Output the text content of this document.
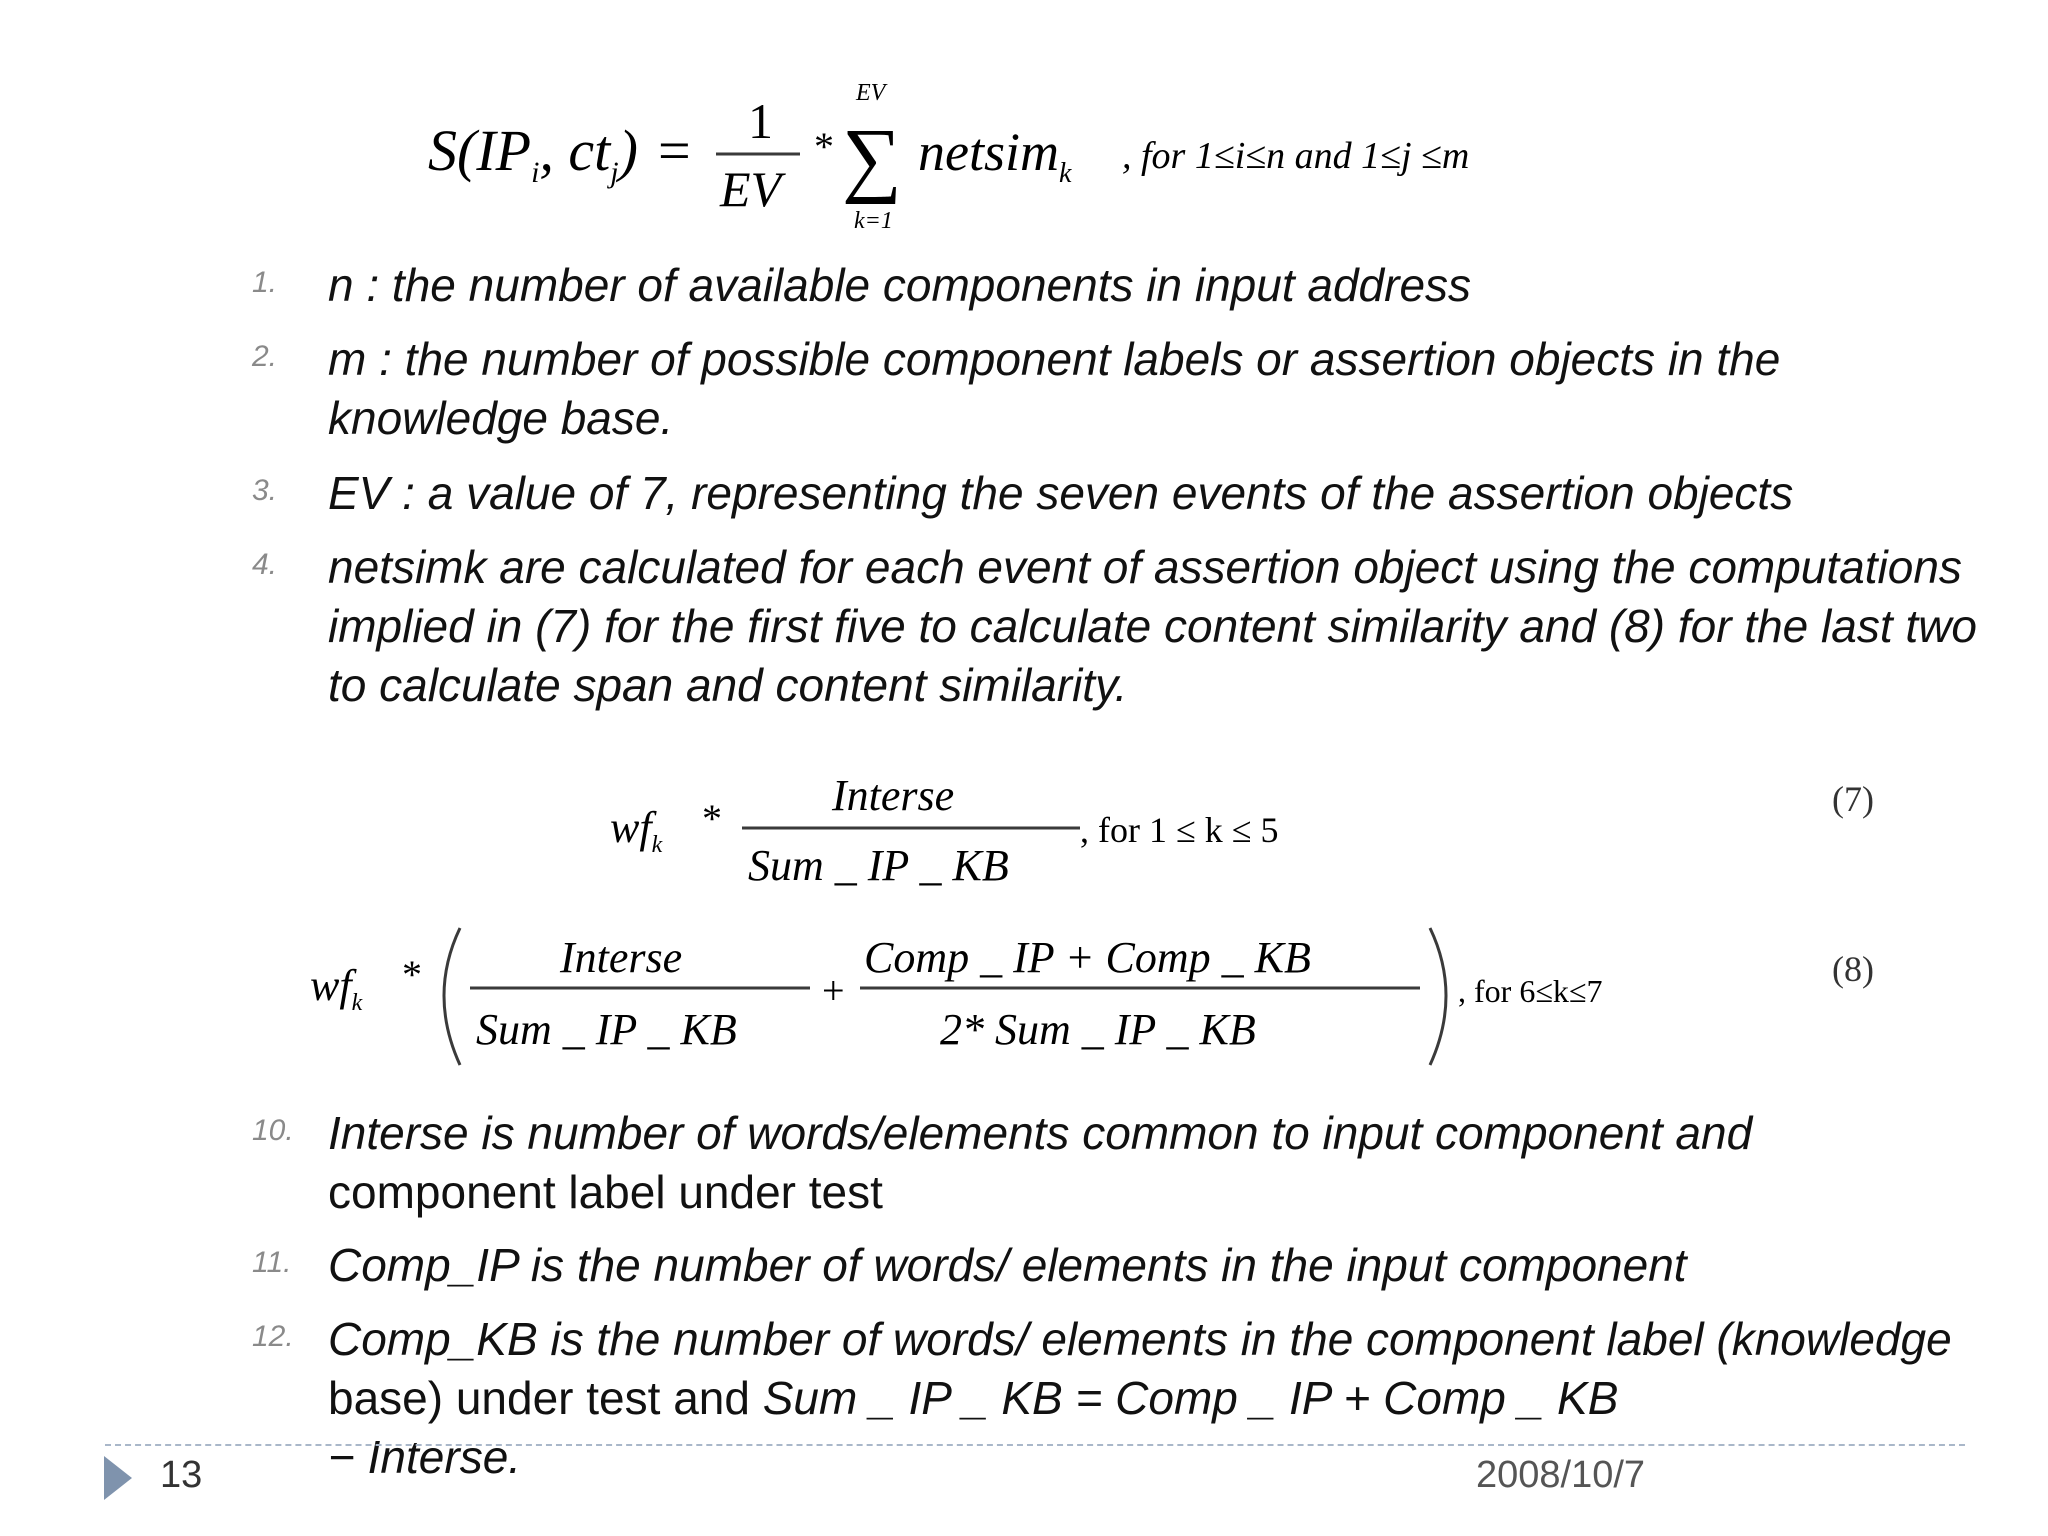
$S(IP_i$, $ct_j) = 1$
EV
*
EV
∑
k=1
netsim$_k$ , for 1≤i≤n and 1≤j ≤m
1.	n : the number of available components in input address
2.	m : the number of possible component labels or assertion objects in the knowledge base.
3.	EV : a value of 7, representing the seven events of the assertion objects
4.	netsimk are calculated for each event of assertion object using the computations implied in (7) for the first five to calculate content similarity and (8) for the last two to calculate span and content similarity.
$wf_k$
*	Interse
Sum _ IP _ KB
, for 1 ≤ k ≤ 5
(7)
$wf_k$
*	Interse
Sum _ IP _ KB
+
Comp _ IP + Comp _ KB
2* Sum _ IP _ KB
, for 6≤k≤7
(8)
10. Interse is number of words/elements common to input component and
component label under test
11. Comp_IP is the number of words/ elements in the input component
12. Comp_KB is the number of words/ elements in the component label (knowledge base) under test and Sum _ IP _ KB = Comp _ IP + Comp _ KB
− Interse.
13	2008/10/7
